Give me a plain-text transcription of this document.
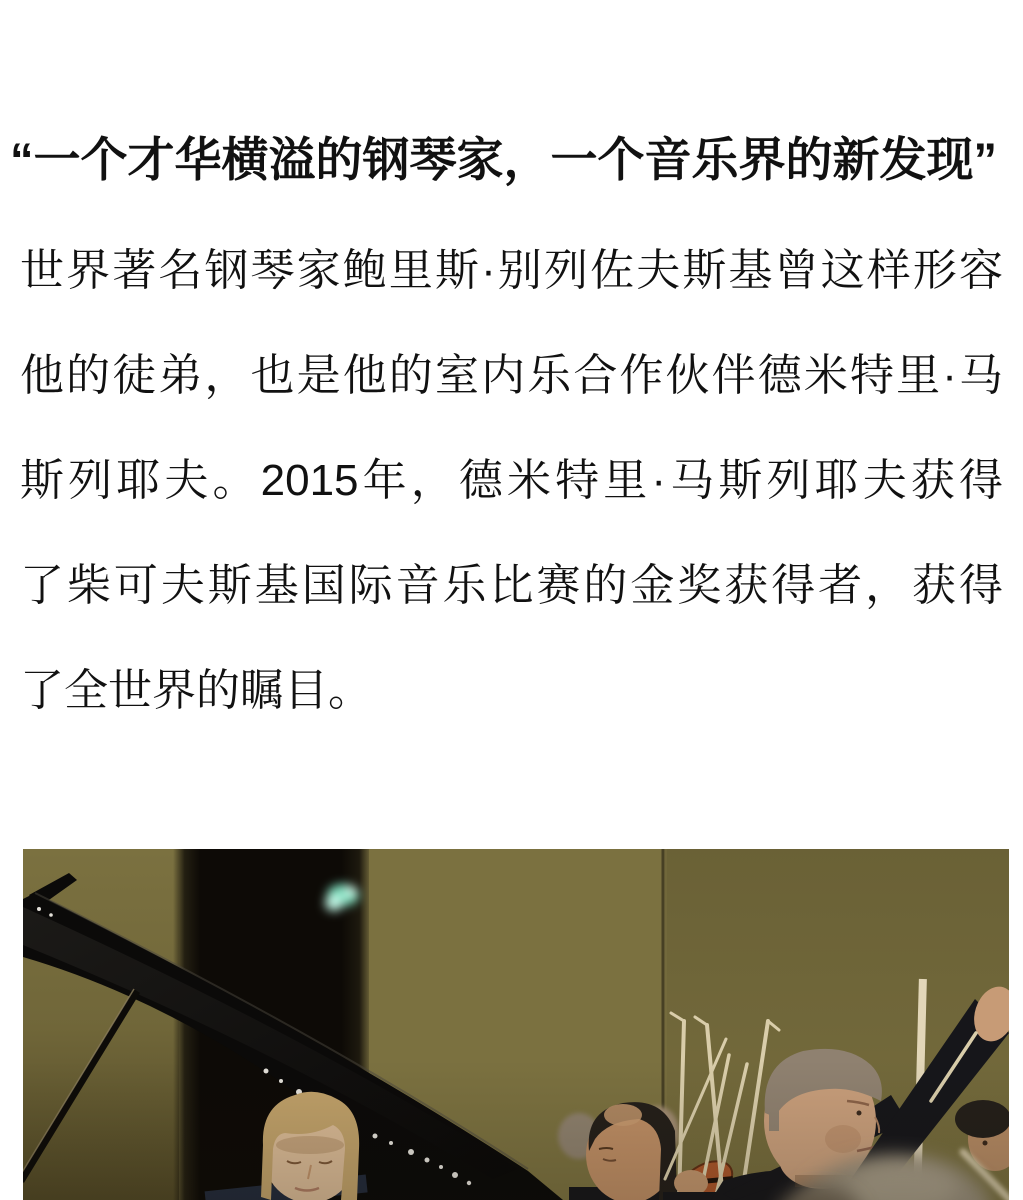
“一个才华横溢的钢琴家，一个音乐界的新发现”
世界著名钢琴家鲍里斯·别列佐夫斯基曾这样形容
他的徒弟，也是他的室内乐合作伙伴德米特里·马
斯列耶夫。2015年，德米特里·马斯列耶夫获得
了柴可夫斯基国际音乐比赛的金奖获得者，获得
了全世界的瞩目。
